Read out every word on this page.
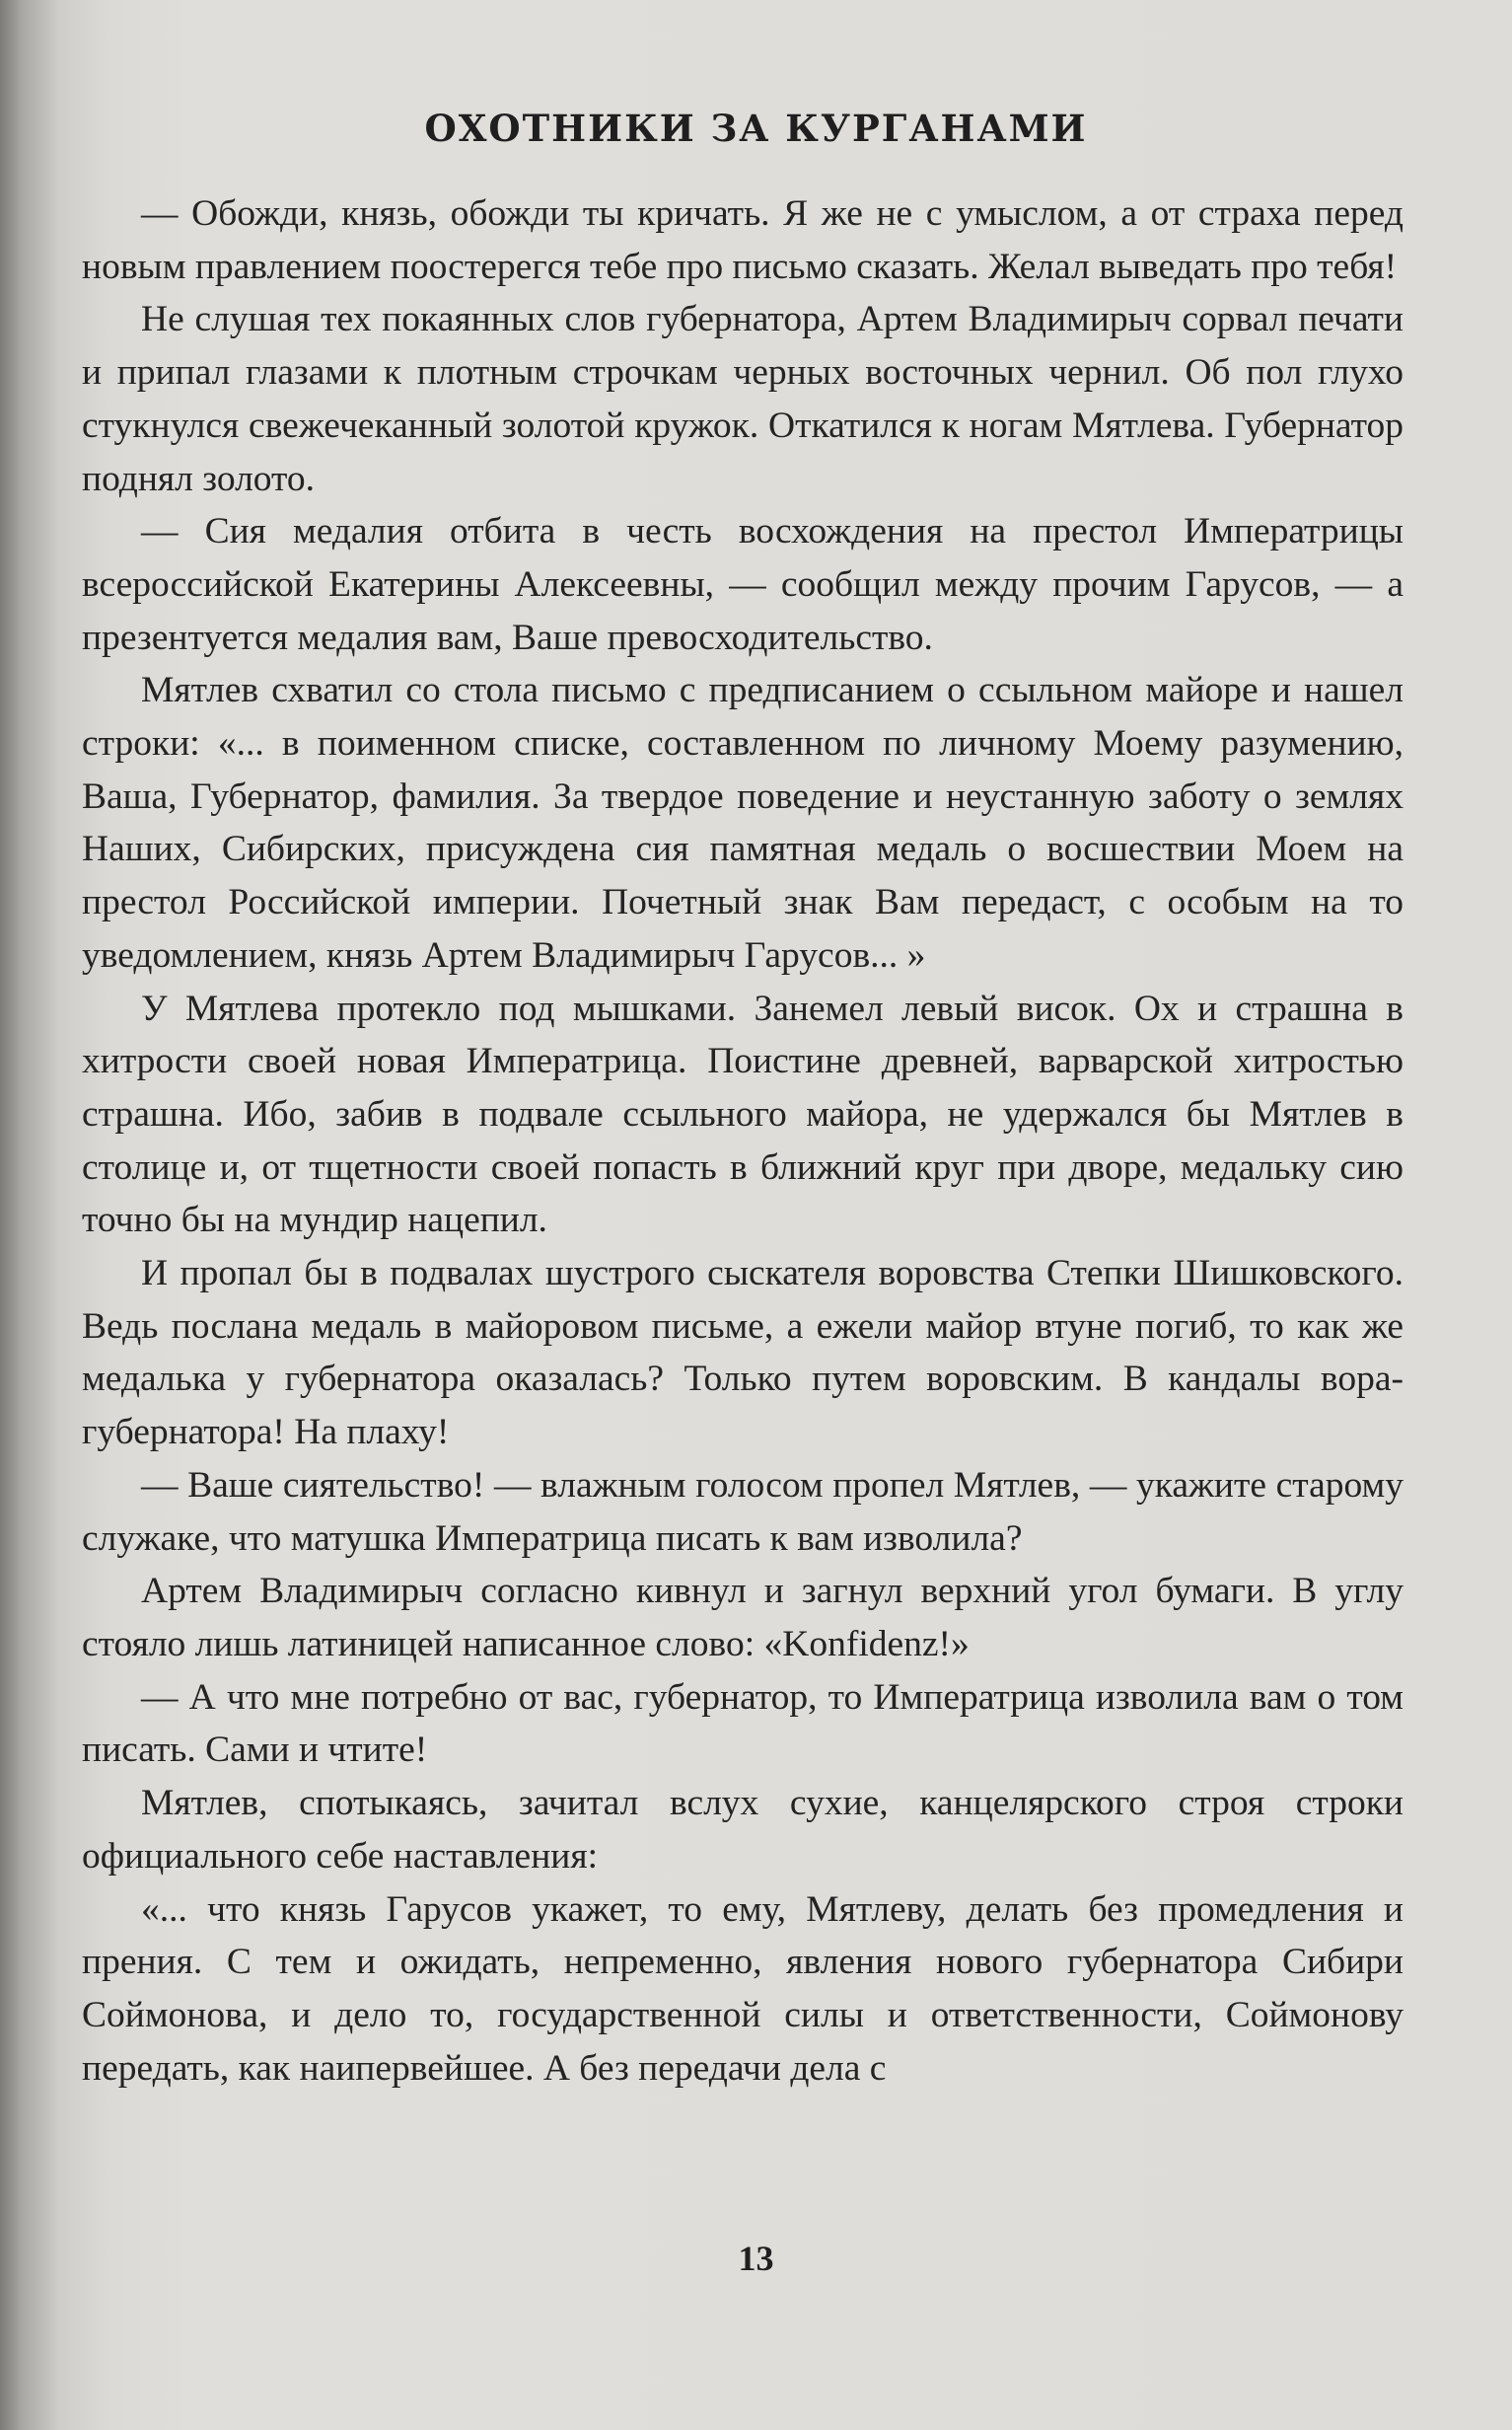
ОХОТНИКИ ЗА КУРГАНАМИ

— Обожди, князь, обожди ты кричать. Я же не с умыслом, а от страха перед новым правлением поостерегся тебе про письмо сказать. Желал выведать про тебя!

Не слушая тех покаянных слов губернатора, Артем Владимирыч сорвал печати и припал глазами к плотным строчкам черных восточных чернил. Об пол глухо стукнулся свежечеканный золотой кружок. Откатился к ногам Мятлева. Губернатор поднял золото.

— Сия медалия отбита в честь восхождения на престол Императрицы всероссийской Екатерины Алексеевны, — сообщил между прочим Гарусов, — а презентуется медалия вам, Ваше превосходительство.

Мятлев схватил со стола письмо с предписанием о ссыльном майоре и нашел строки: «... в поименном списке, составленном по личному Моему разумению, Ваша, Губернатор, фамилия. За твердое поведение и неустанную заботу о землях Наших, Сибирских, присуждена сия памятная медаль о восшествии Моем на престол Российской империи. Почетный знак Вам передаст, с особым на то уведомлением, князь Артем Владимирыч Гарусов... »

У Мятлева протекло под мышками. Занемел левый висок. Ох и страшна в хитрости своей новая Императрица. Поистине древней, варварской хитростью страшна. Ибо, забив в подвале ссыльного майора, не удержался бы Мятлев в столице и, от тщетности своей попасть в ближний круг при дворе, медальку сию точно бы на мундир нацепил.

И пропал бы в подвалах шустрого сыскателя воровства Степки Шишковского. Ведь послана медаль в майоровом письме, а ежели майор втуне погиб, то как же медалька у губернатора оказалась? Только путем воровским. В кандалы вора-губернатора! На плаху!

— Ваше сиятельство! — влажным голосом пропел Мятлев, — укажите старому служаке, что матушка Императрица писать к вам изволила?

Артем Владимирыч согласно кивнул и загнул верхний угол бумаги. В углу стояло лишь латиницей написанное слово: «Konfidenz!»

— А что мне потребно от вас, губернатор, то Императрица изволила вам о том писать. Сами и чтите!

Мятлев, спотыкаясь, зачитал вслух сухие, канцелярского строя строки официального себе наставления:

«... что князь Гарусов укажет, то ему, Мятлеву, делать без промедления и прения. С тем и ожидать, непременно, явления нового губернатора Сибири Соймонова, и дело то, государственной силы и ответственности, Соймонову передать, как наипервейшее. А без передачи дела с

13
